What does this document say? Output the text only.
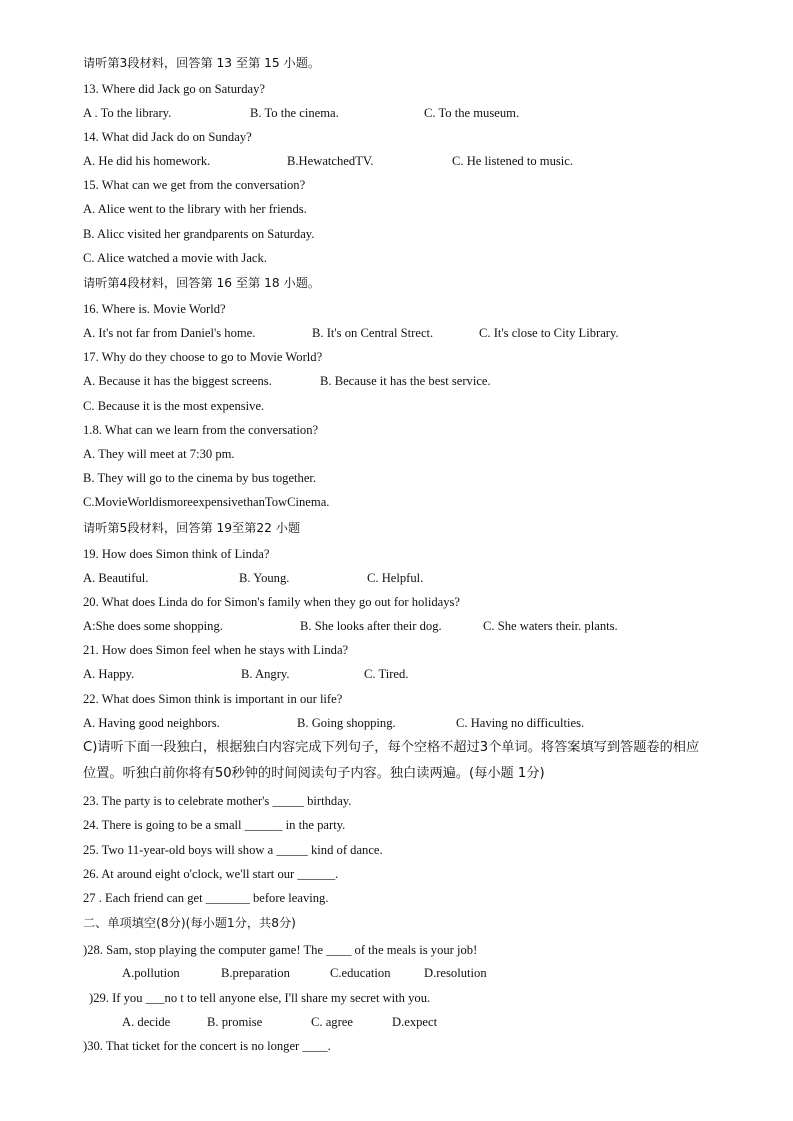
请听第3段材料，回答第 13 至第 15 小题。
13. Where did Jack go on Saturday?
A . To the library.	B. To the cinema.	C. To the museum.
14. What did Jack do on Sunday?
A. He did his homework.	B.HewatchedTV.	C. He listened to music.
15. What can we get from the conversation?
A. Alice went to the library with her friends.
B. Alicc visited her grandparents on Saturday.
C. Alice watched a movie with Jack.
请听第4段材料，回答第 16 至第 18 小题。
16. Where is. Movie World?
A. It's not far from Daniel's home.	B. It's on Central Strect.	C. It's close to City Library.
17. Why do they choose to go to Movie World?
A. Because it has the biggest screens.	B. Because it has the best service.
C. Because it is the most expensive.
1.8. What can we learn from the conversation?
A. They will meet at 7:30 pm.
B. They will go to the cinema by bus together.
C.MovieWorldismoreexpensivethanTowCinema.
请听第5段材料，回答第 19至第22 小题
19. How does Simon think of Linda?
A. Beautiful.	B. Young.	C. Helpful.
20. What does Linda do for Simon's family when they go out for holidays?
A:She does some shopping.	B. She looks after their dog.	C. She waters their. plants.
21. How does Simon feel when he stays with Linda?
A. Happy.	B. Angry.	C. Tired.
22. What does Simon think is important in our life?
A. Having good neighbors.	B. Going shopping.	C. Having no difficulties.
C)请听下面一段独白，根据独白内容完成下列句子，每个空格不超过3个单词。将答案填写到答题卷的相应
位置。听独白前你将有50秒钟的时间阅读句子内容。独白读两遍。(每小题 1分)
23. The party is to celebrate mother's _____ birthday.
24. There is going to be a small ______ in the party.
25. Two 11-year-old boys will show a _____ kind of dance.
26. At around eight o'clock, we'll start our ______.
27 . Each friend can get _______ before leaving.
二、单项填空(8分)(每小题1分，共8分)
)28. Sam, stop playing the computer game! The ____ of the meals is your job!
A.pollution	B.preparation	C.education	D.resolution
)29. If you ___no t to tell anyone else, I'll share my secret with you.
A. decide	B. promise	C. agree	D.expect
)30. That ticket for the concert is no longer ____.
